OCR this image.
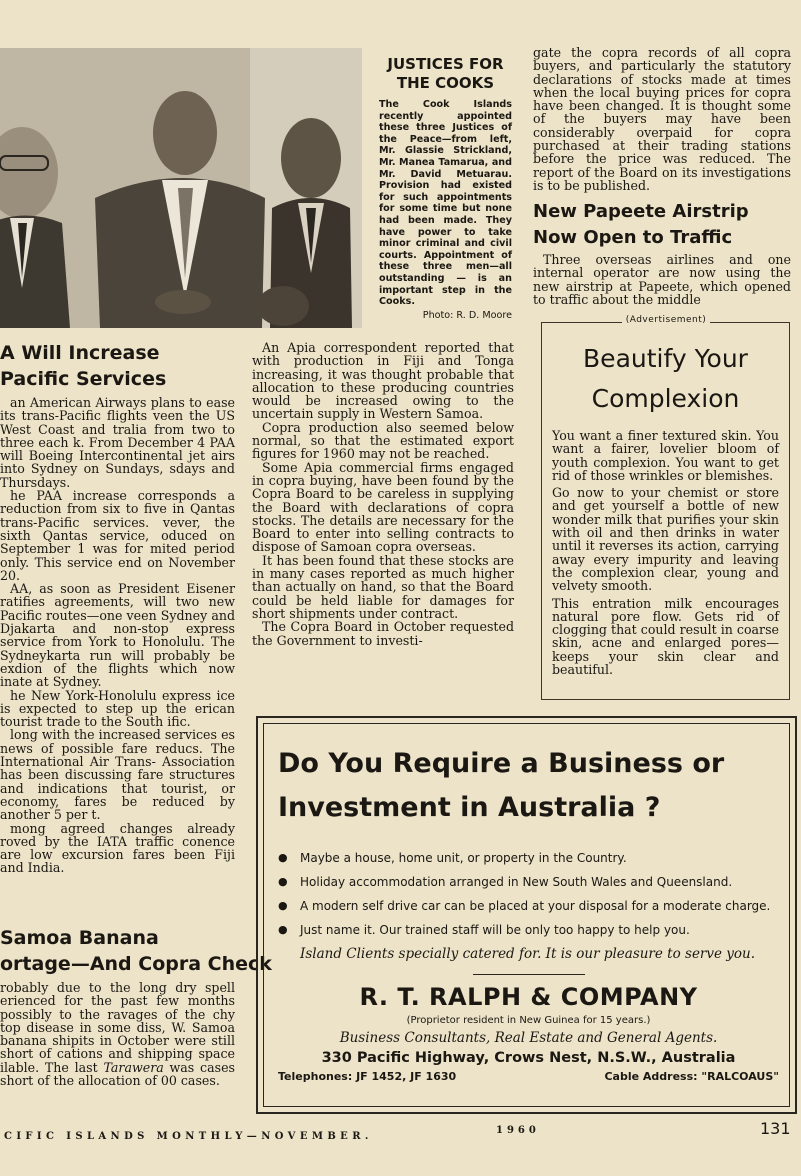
JUSTICES FOR THE COOKS

The Cook Islands recently appointed these three Justices of the Peace—from left, Mr. Glassie Strickland, Mr. Manea Tamarua, and Mr. David Metuarau. Provision had existed for such appointments for some time but none had been made. They have power to take minor criminal and civil courts. Appointment of these three men—all outstanding — is an important step in the Cooks.

Photo: R. D. Moore

gate the copra records of all copra buyers, and particularly the statutory declarations of stocks made at times when the local buying prices for copra have been changed. It is thought some of the buyers may have been considerably overpaid for copra purchased at their trading stations before the price was reduced. The report of the Board on its investigations is to be published.

New Papeete Airstrip
Now Open to Traffic

Three overseas airlines and one internal operator are now using the new airstrip at Papeete, which opened to traffic about the middle

A Will Increase
Pacific Services

an American Airways plans to ease its trans-Pacific flights veen the US West Coast and tralia from two to three each k. From December 4 PAA will Boeing Intercontinental jet airs into Sydney on Sundays, sdays and Thursdays.

he PAA increase corresponds a reduction from six to five in Qantas trans-Pacific services. vever, the sixth Qantas service, oduced on September 1 was for mited period only. This service end on November 20.

AA, as soon as President Eisener ratifies agreements, will two new Pacific routes—one veen Sydney and Djakarta and non-stop express service from York to Honolulu. The Sydneykarta run will probably be exdion of the flights which now inate at Sydney.

he New York-Honolulu express ice is expected to step up the erican tourist trade to the South ific.

long with the increased services es news of possible fare reducs. The International Air Trans- Association has been discussing fare structures and indications that tourist, or economy, fares be reduced by another 5 per t.

mong agreed changes already roved by the IATA traffic conence are low excursion fares been Fiji and India.

Samoa Banana
ortage—And Copra Check

robably due to the long dry spell erienced for the past few months possibly to the ravages of the chy top disease in some diss, W. Samoa banana shipits in October were still short of cations and shipping space ilable. The last Tarawera was cases short of the allocation of 00 cases.

An Apia correspondent reported that with production in Fiji and Tonga increasing, it was thought probable that allocation to these producing countries would be increased owing to the uncertain supply in Western Samoa.

Copra production also seemed below normal, so that the estimated export figures for 1960 may not be reached.

Some Apia commercial firms engaged in copra buying, have been found by the Copra Board to be careless in supplying the Board with declarations of copra stocks. The details are necessary for the Board to enter into selling contracts to dispose of Samoan copra overseas.

It has been found that these stocks are in many cases reported as much higher than actually on hand, so that the Board could be held liable for damages for short shipments under contract.

The Copra Board in October requested the Government to investi-

Beautify Your

Complexion

You want a finer textured skin. You want a fairer, lovelier bloom of youth complexion. You want to get rid of those wrinkles or blemishes.

Go now to your chemist or store and get yourself a bottle of new wonder milk that purifies your skin with oil and then drinks in water until it reverses its action, carrying away every impurity and leaving the complexion clear, young and velvety smooth.

This entration milk encourages natural pore flow. Gets rid of clogging that could result in coarse skin, acne and enlarged pores—keeps your skin clear and beautiful.

(Advertisement)

Do You Require a Business or

Investment in Australia ?

● Maybe a house, home unit, or property in the Country.
● Holiday accommodation arranged in New South Wales and Queensland.
● A modern self drive car can be placed at your disposal for a moderate charge.
● Just name it. Our trained staff will be only too happy to help you.
Island Clients specially catered for. It is our pleasure to serve you.
R. T. RALPH & COMPANY
(Proprietor resident in New Guinea for 15 years.)
Business Consultants, Real Estate and General Agents.
330 Pacific Highway, Crows Nest, N.S.W., Australia
Telephones: JF 1452, JF 1630	Cable Address: "RALCOAUS"
CIFIC ISLANDS MONTHLY—NOVEMBER.
1960	131
